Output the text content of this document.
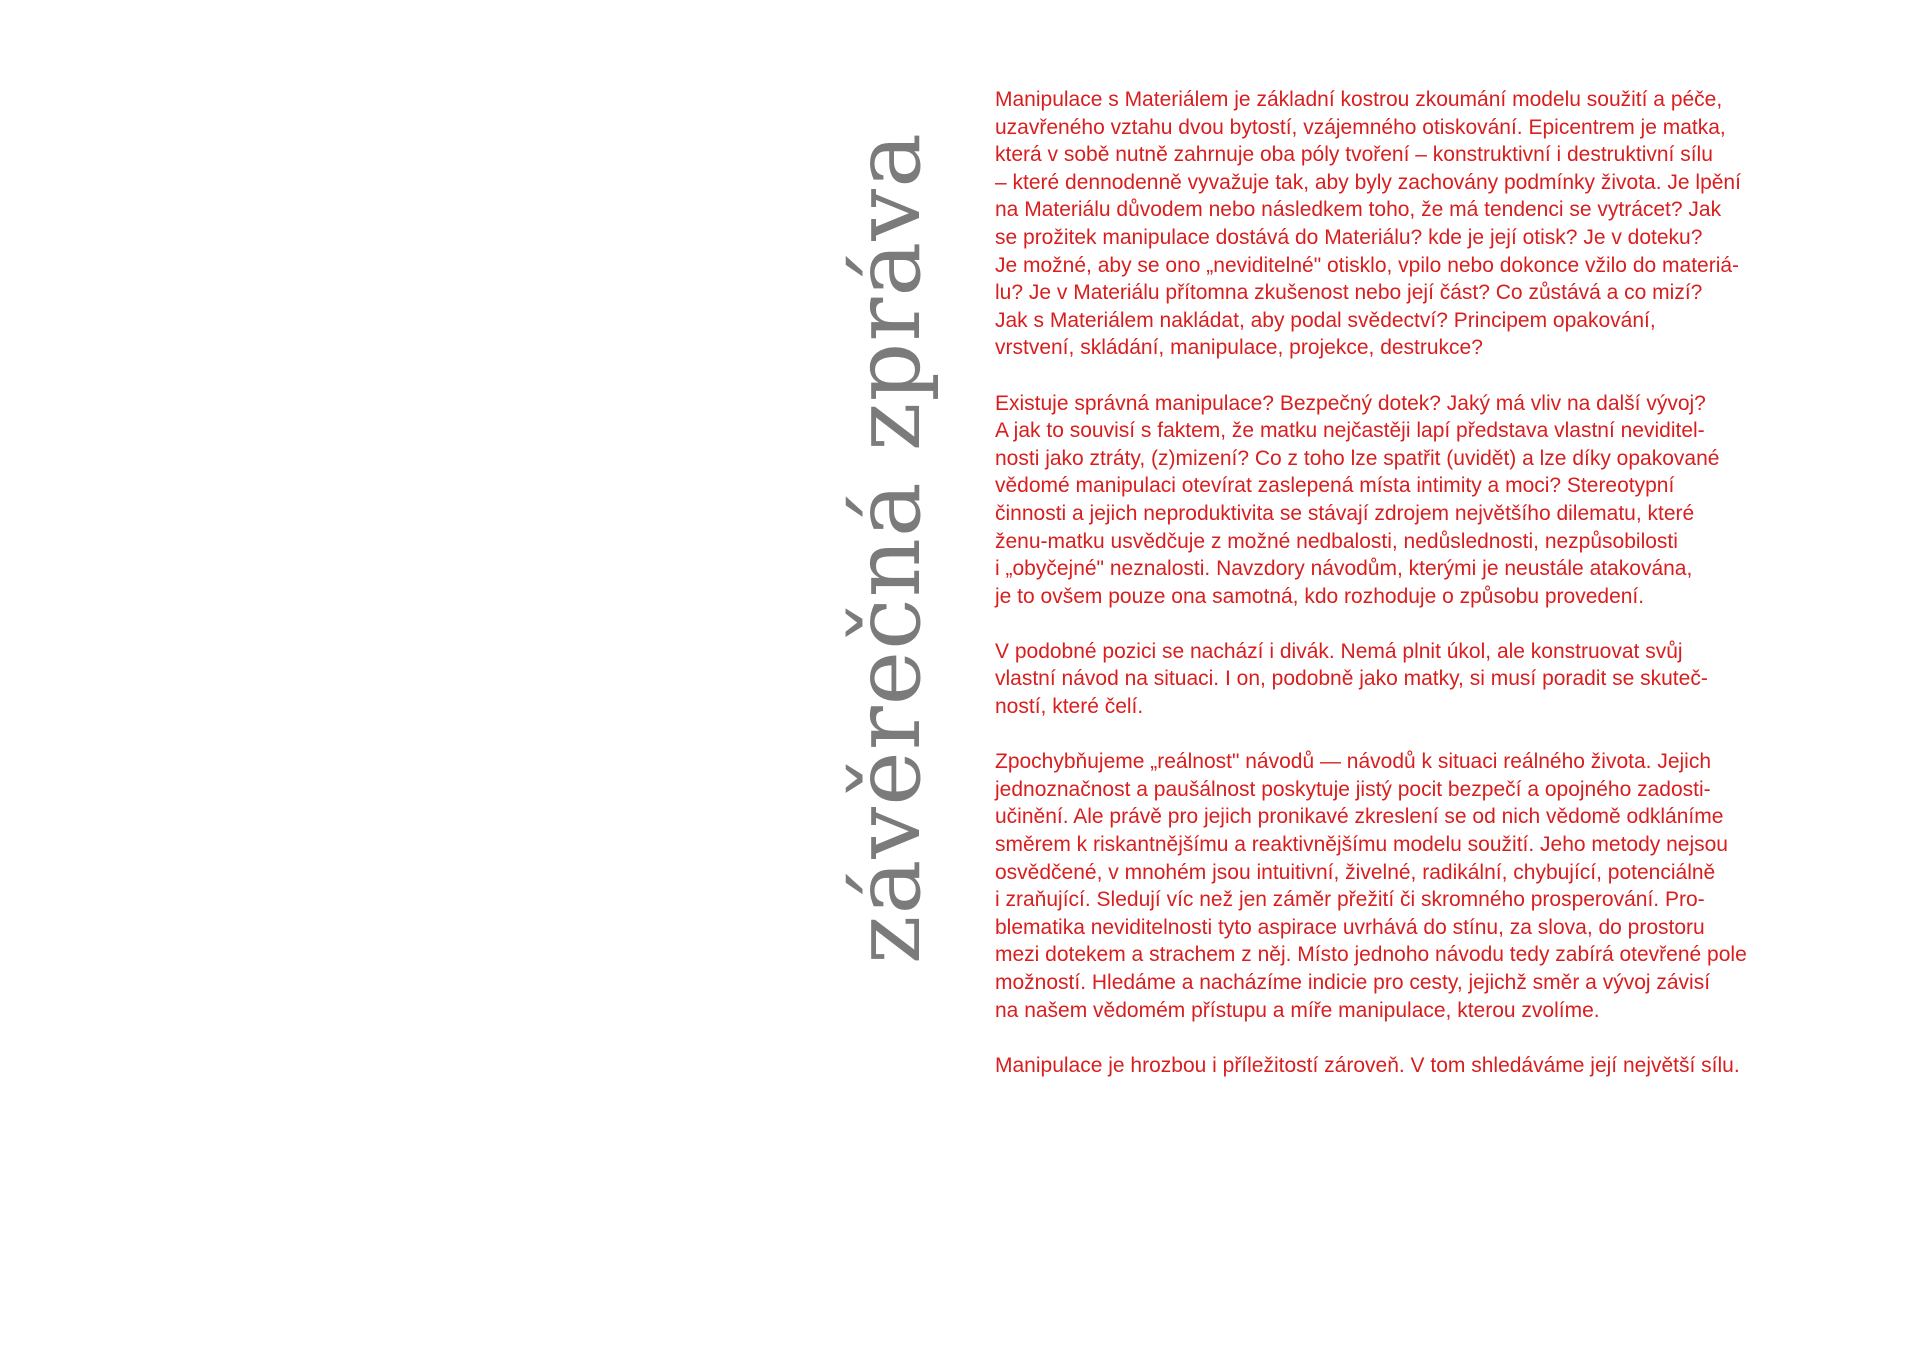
závěrečná zpráva

Manipulace s Materiálem je základní kostrou zkoumání modelu soužití a péče,
uzavřeného vztahu dvou bytostí, vzájemného otiskování. Epicentrem je matka,
která v sobě nutně zahrnuje oba póly tvoření – konstruktivní i destruktivní sílu
– které dennodenně vyvažuje tak, aby byly zachovány podmínky života. Je lpění
na Materiálu důvodem nebo následkem toho, že má tendenci se vytrácet? Jak
se prožitek manipulace dostává do Materiálu? kde je její otisk? Je v doteku?
Je možné, aby se ono „neviditelné" otisklo, vpilo nebo dokonce vžilo do materiá-
lu? Je v Materiálu přítomna zkušenost nebo její část? Co zůstává a co mizí?
Jak s Materiálem nakládat, aby podal svědectví? Principem opakování,
vrstvení, skládání, manipulace, projekce, destrukce?

Existuje správná manipulace? Bezpečný dotek? Jaký má vliv na další vývoj?
A jak to souvisí s faktem, že matku nejčastěji lapí představa vlastní neviditel-
nosti jako ztráty, (z)mizení? Co z toho lze spatřit (uvidět) a lze díky opakované
vědomé manipulaci otevírat zaslepená místa intimity a moci? Stereotypní
činnosti a jejich neproduktivita se stávají zdrojem největšího dilematu, které
ženu-matku usvědčuje z možné nedbalosti, nedůslednosti, nezpůsobilosti
i „obyčejné" neznalosti. Navzdory návodům, kterými je neustále atakována,
je to ovšem pouze ona samotná, kdo rozhoduje o způsobu provedení.

V podobné pozici se nachází i divák. Nemá plnit úkol, ale konstruovat svůj
vlastní návod na situaci. I on, podobně jako matky, si musí poradit se skuteč-
ností, které čelí.

Zpochybňujeme „reálnost" návodů — návodů k situaci reálného života. Jejich
jednoznačnost a paušálnost poskytuje jistý pocit bezpečí a opojného zadosti-
učinění. Ale právě pro jejich pronikavé zkreslení se od nich vědomě odkláníme
směrem k riskantnějšímu a reaktivnějšímu modelu soužití. Jeho metody nejsou
osvědčené, v mnohém jsou intuitivní, živelné, radikální, chybující, potenciálně
i zraňující. Sledují víc než jen záměr přežití či skromného prosperování. Pro-
blematika neviditelnosti tyto aspirace uvrhává do stínu, za slova, do prostoru
mezi dotekem a strachem z něj. Místo jednoho návodu tedy zabírá otevřené pole
možností. Hledáme a nacházíme indicie pro cesty, jejichž směr a vývoj závisí
na našem vědomém přístupu a míře manipulace, kterou zvolíme.

Manipulace je hrozbou i příležitostí zároveň. V tom shledáváme její největší sílu.
